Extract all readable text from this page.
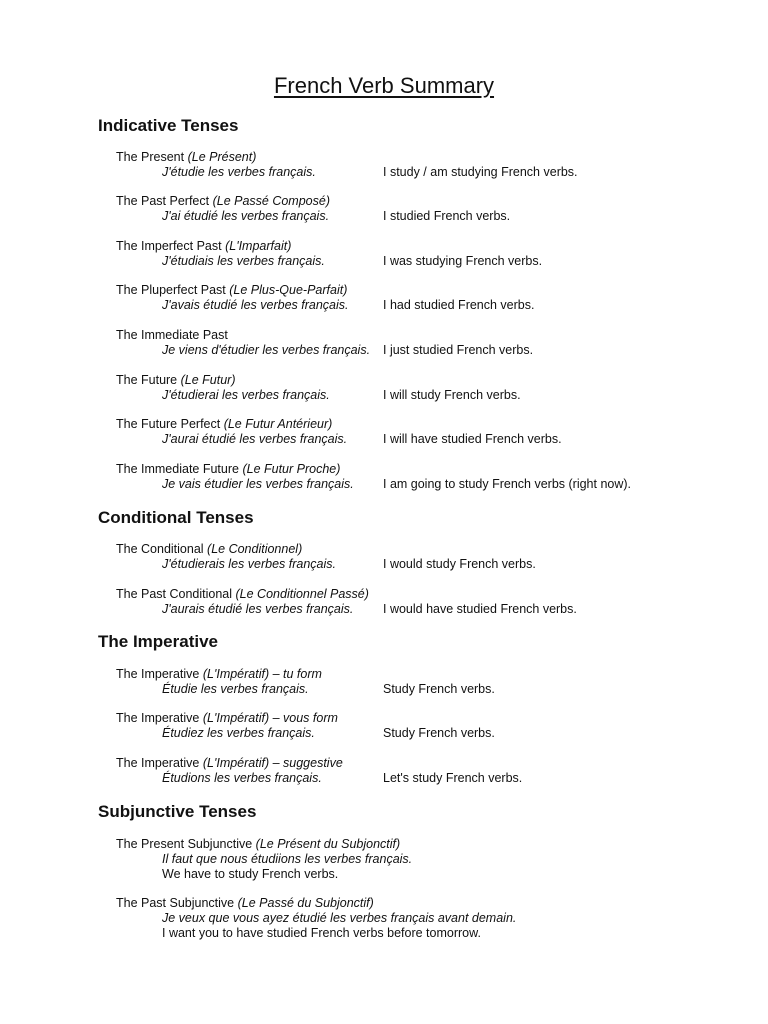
French Verb Summary
Indicative Tenses
The Present (Le Présent)
J'étudie les verbes français.	I study / am studying French verbs.
The Past Perfect (Le Passé Composé)
J'ai étudié les verbes français.	I studied French verbs.
The Imperfect Past (L'Imparfait)
J'étudiais les verbes français.	I was studying French verbs.
The Pluperfect Past (Le Plus-Que-Parfait)
J'avais étudié les verbes français.	I had studied French verbs.
The Immediate Past
Je viens d'étudier les verbes français.	I just studied French verbs.
The Future (Le Futur)
J'étudierai les verbes français.	I will study French verbs.
The Future Perfect (Le Futur Antérieur)
J'aurai étudié les verbes français.	I will have studied French verbs.
The Immediate Future (Le Futur Proche)
Je vais étudier les verbes français.	I am going to study French verbs (right now).
Conditional Tenses
The Conditional (Le Conditionnel)
J'étudierais les verbes français.	I would study French verbs.
The Past Conditional (Le Conditionnel Passé)
J'aurais étudié les verbes français.	I would have studied French verbs.
The Imperative
The Imperative (L'Impératif) – tu form
Étudie les verbes français.	Study French verbs.
The Imperative (L'Impératif) – vous form
Étudiez les verbes français.	Study French verbs.
The Imperative (L'Impératif) – suggestive
Étudions les verbes français.	Let's study French verbs.
Subjunctive Tenses
The Present Subjunctive (Le Présent du Subjonctif)
Il faut que nous étudiions les verbes français.
We have to study French verbs.
The Past Subjunctive (Le Passé du Subjonctif)
Je veux que vous ayez étudié les verbes français avant demain.
I want you to have studied French verbs before tomorrow.
